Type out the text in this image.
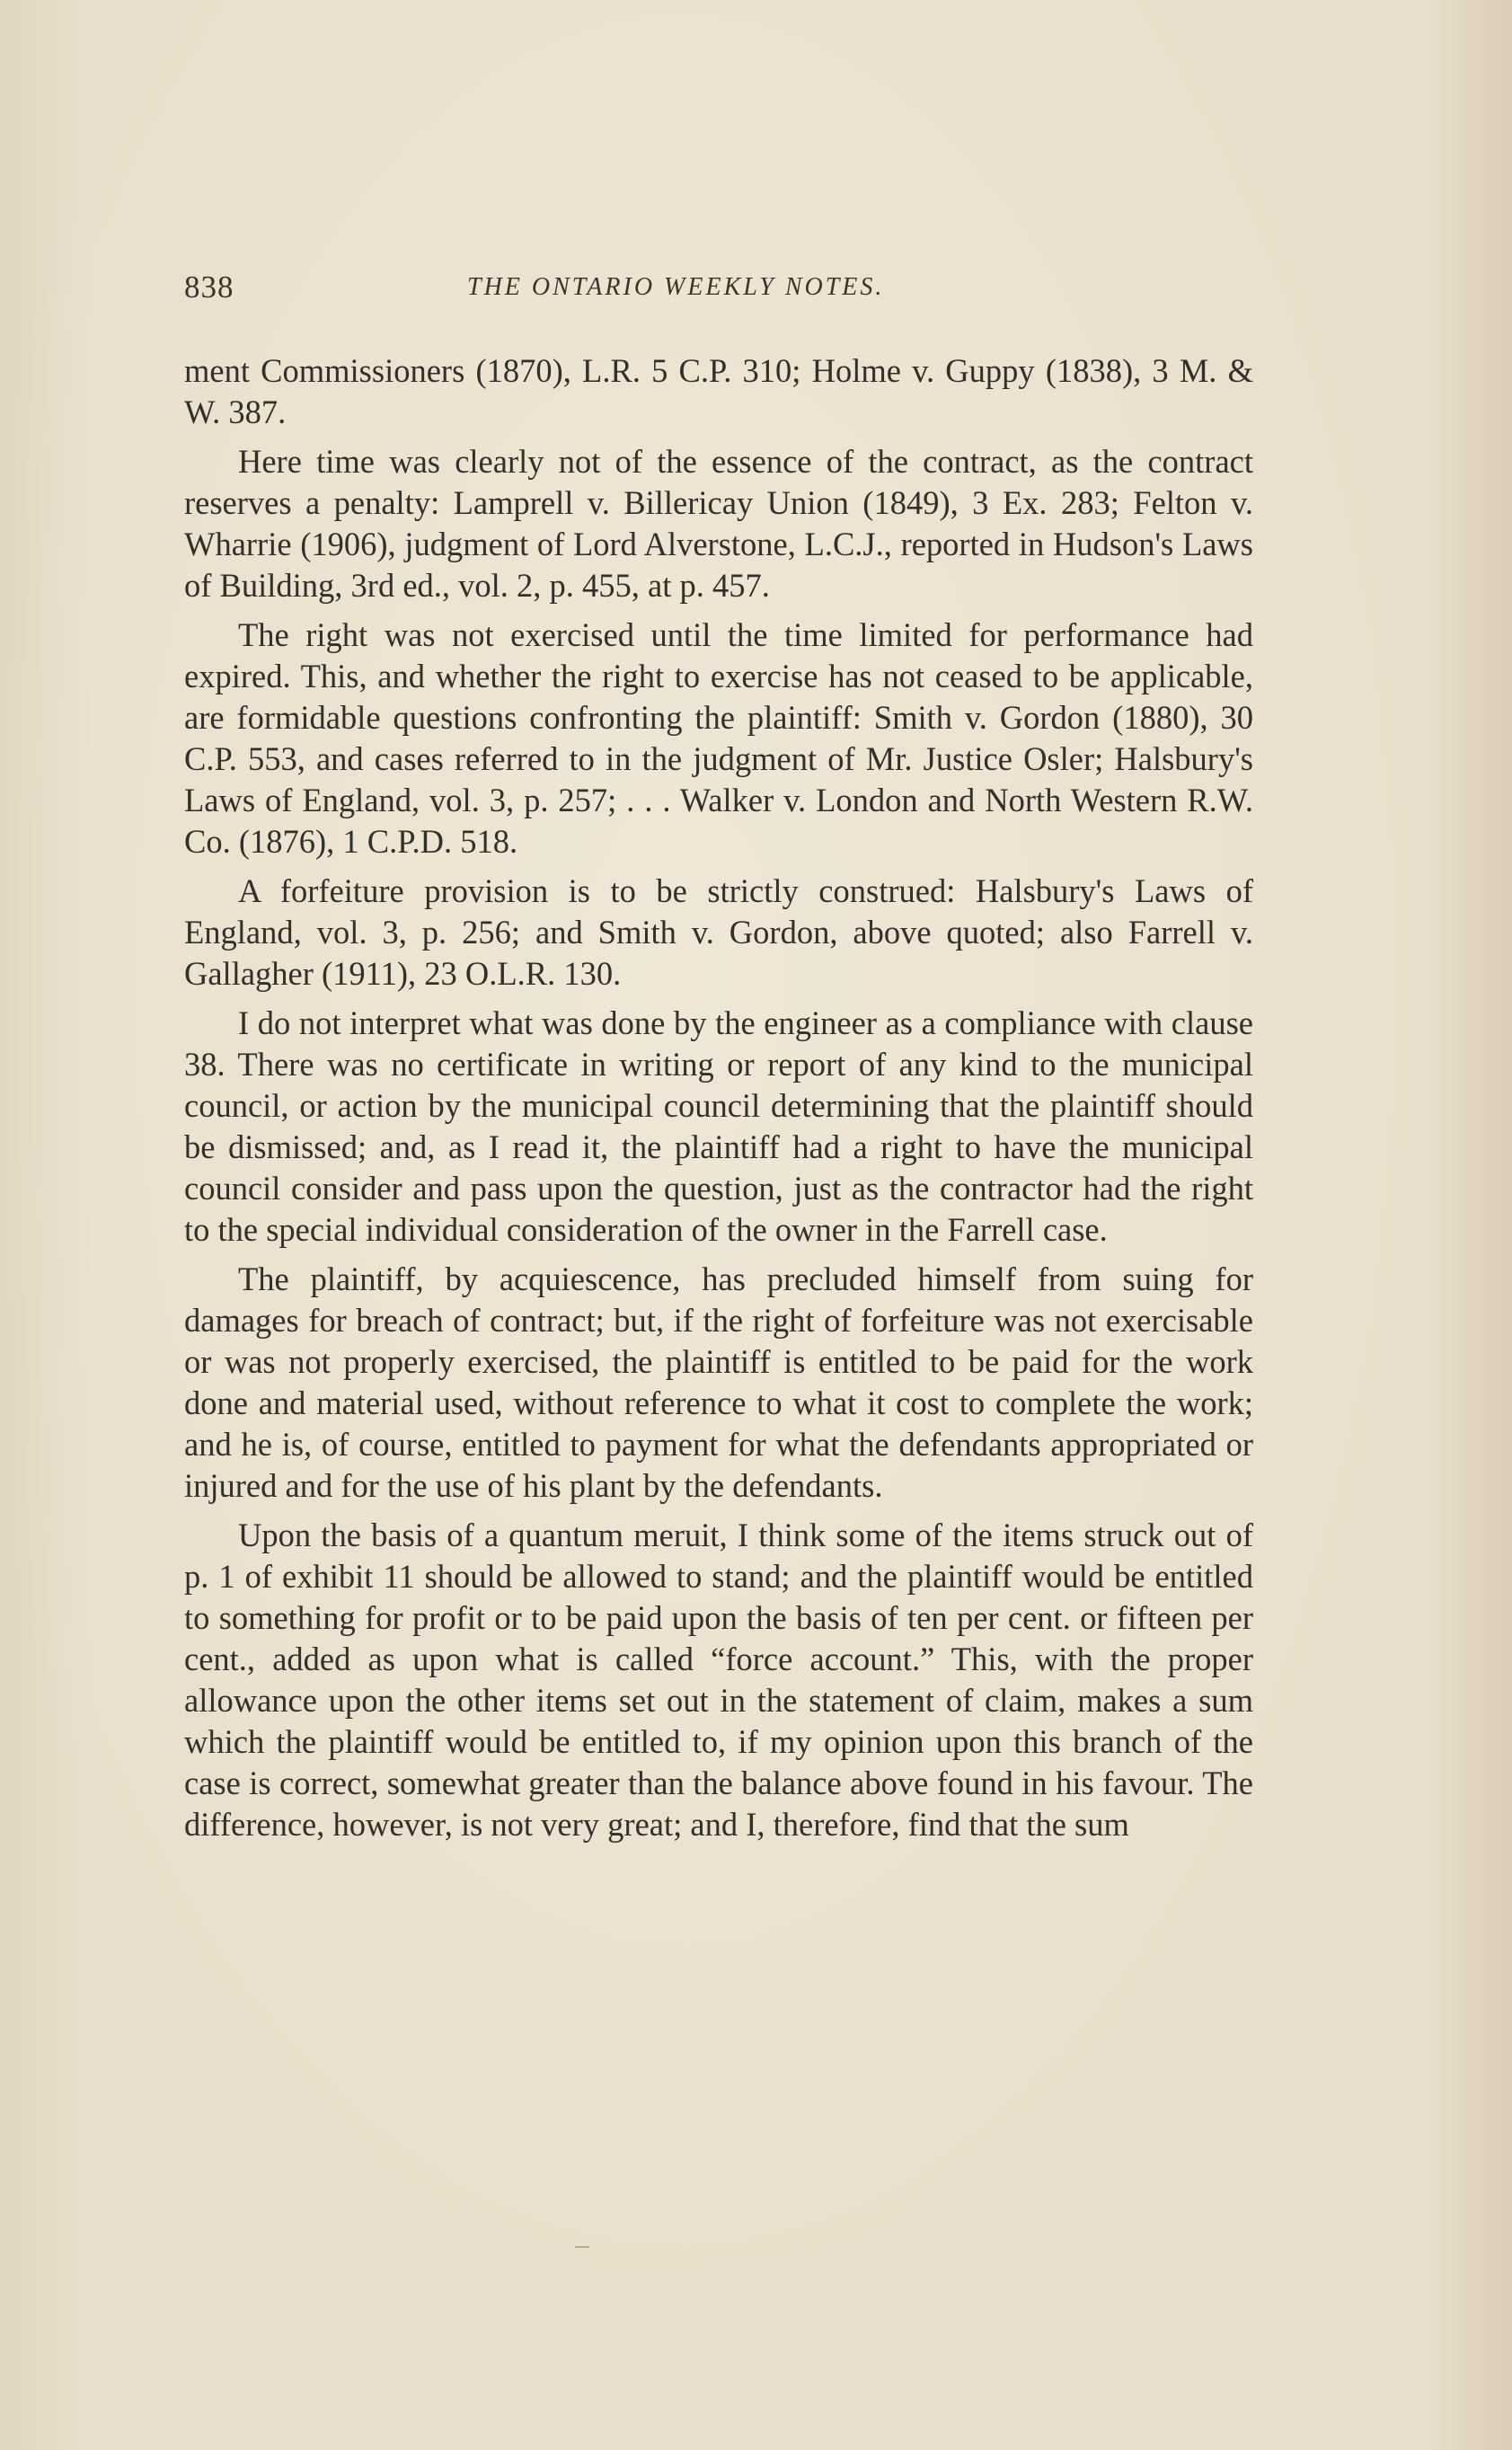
838	THE ONTARIO WEEKLY NOTES.

ment Commissioners (1870), L.R. 5 C.P. 310; Holme v. Guppy (1838), 3 M. & W. 387.

Here time was clearly not of the essence of the contract, as the contract reserves a penalty: Lamprell v. Billericay Union (1849), 3 Ex. 283; Felton v. Wharrie (1906), judgment of Lord Alverstone, L.C.J., reported in Hudson's Laws of Building, 3rd ed., vol. 2, p. 455, at p. 457.

The right was not exercised until the time limited for performance had expired. This, and whether the right to exercise has not ceased to be applicable, are formidable questions confronting the plaintiff: Smith v. Gordon (1880), 30 C.P. 553, and cases referred to in the judgment of Mr. Justice Osler; Halsbury's Laws of England, vol. 3, p. 257; . . . Walker v. London and North Western R.W. Co. (1876), 1 C.P.D. 518.

A forfeiture provision is to be strictly construed: Halsbury's Laws of England, vol. 3, p. 256; and Smith v. Gordon, above quoted; also Farrell v. Gallagher (1911), 23 O.L.R. 130.

I do not interpret what was done by the engineer as a compliance with clause 38. There was no certificate in writing or report of any kind to the municipal council, or action by the municipal council determining that the plaintiff should be dismissed; and, as I read it, the plaintiff had a right to have the municipal council consider and pass upon the question, just as the contractor had the right to the special individual consideration of the owner in the Farrell case.

The plaintiff, by acquiescence, has precluded himself from suing for damages for breach of contract; but, if the right of forfeiture was not exercisable or was not properly exercised, the plaintiff is entitled to be paid for the work done and material used, without reference to what it cost to complete the work; and he is, of course, entitled to payment for what the defendants appropriated or injured and for the use of his plant by the defendants.

Upon the basis of a quantum meruit, I think some of the items struck out of p. 1 of exhibit 11 should be allowed to stand; and the plaintiff would be entitled to something for profit or to be paid upon the basis of ten per cent. or fifteen per cent., added as upon what is called “force account.” This, with the proper allowance upon the other items set out in the statement of claim, makes a sum which the plaintiff would be entitled to, if my opinion upon this branch of the case is correct, somewhat greater than the balance above found in his favour. The difference, however, is not very great; and I, therefore, find that the sum
